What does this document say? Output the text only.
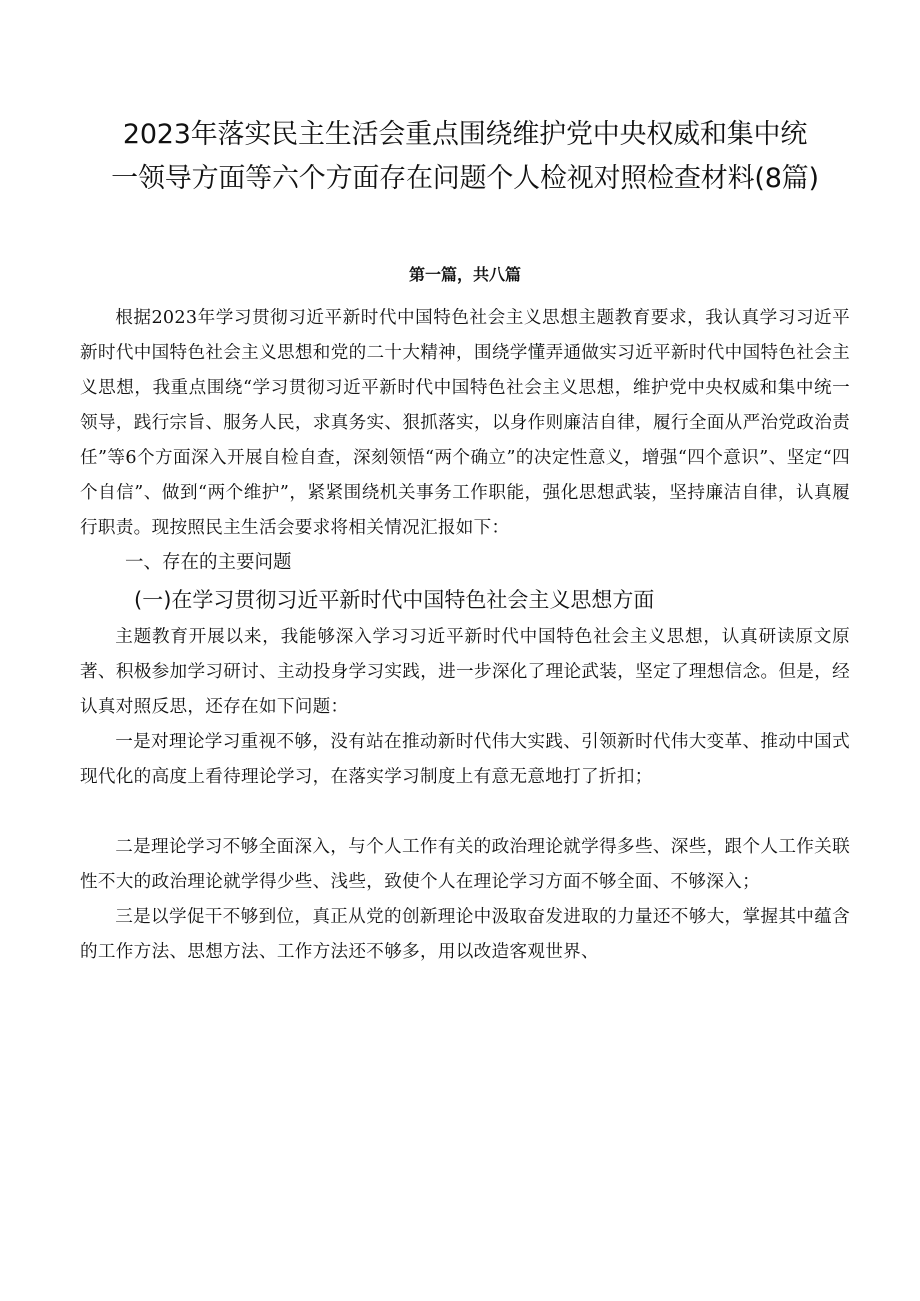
2023年落实民主生活会重点围绕维护党中央权威和集中统
一领导方面等六个方面存在问题个人检视对照检查材料(8篇)
第一篇，共八篇

根据2023年学习贯彻习近平新时代中国特色社会主义思想主题教育要求，我认真学习习近平新时代中国特色社会主义思想和党的二十大精神，围绕学懂弄通做实习近平新时代中国特色社会主义思想，我重点围绕“学习贯彻习近平新时代中国特色社会主义思想，维护党中央权威和集中统一领导，践行宗旨、服务人民，求真务实、狠抓落实，以身作则廉洁自律，履行全面从严治党政治责任”等6个方面深入开展自检自查，深刻领悟“两个确立”的决定性意义，增强“四个意识”、坚定“四个自信”、做到“两个维护”，紧紧围绕机关事务工作职能，强化思想武装，坚持廉洁自律，认真履行职责。现按照民主生活会要求将相关情况汇报如下：

一、存在的主要问题
(一)在学习贯彻习近平新时代中国特色社会主义思想方面

主题教育开展以来，我能够深入学习习近平新时代中国特色社会主义思想，认真研读原文原著、积极参加学习研讨、主动投身学习实践，进一步深化了理论武装，坚定了理想信念。但是，经认真对照反思，还存在如下问题：

一是对理论学习重视不够，没有站在推动新时代伟大实践、引领新时代伟大变革、推动中国式现代化的高度上看待理论学习，在落实学习制度上有意无意地打了折扣；

二是理论学习不够全面深入，与个人工作有关的政治理论就学得多些、深些，跟个人工作关联性不大的政治理论就学得少些、浅些，致使个人在理论学习方面不够全面、不够深入；

三是以学促干不够到位，真正从党的创新理论中汲取奋发进取的力量还不够大，掌握其中蕴含的工作方法、思想方法、工作方法还不够多，用以改造客观世界、
